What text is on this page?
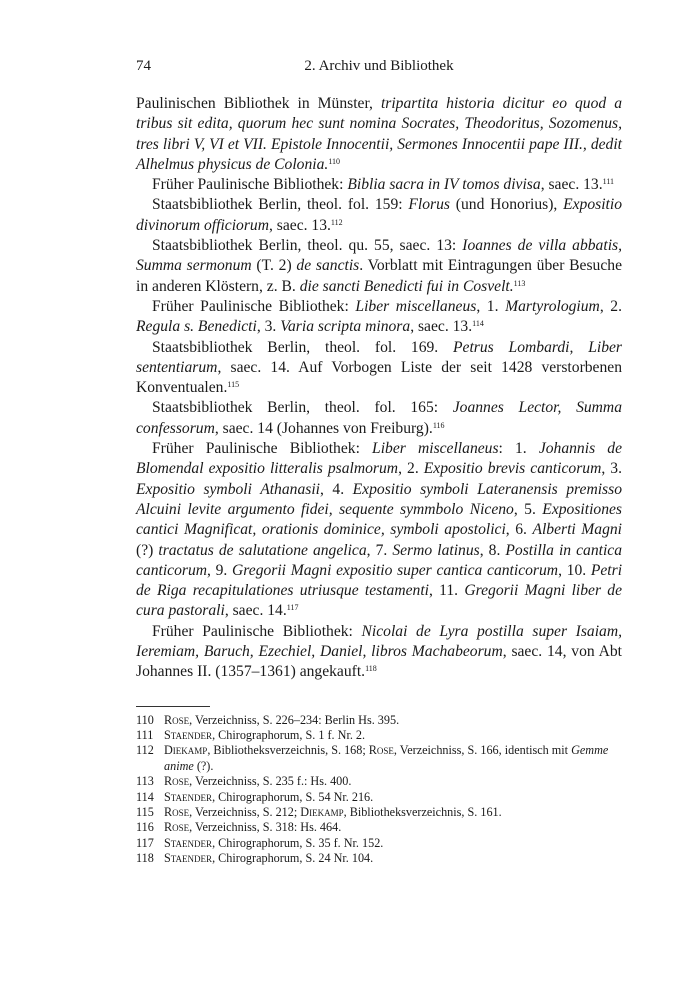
74	2. Archiv und Bibliothek

Paulinischen Bibliothek in Münster, tripartita historia dicitur eo quod a tribus sit edita, quorum hec sunt nomina Socrates, Theodoritus, Sozomenus, tres libri V, VI et VII. Epistole Innocentii, Sermones Innocentii pape III., dedit Alhelmus physicus de Colonia.$^{110}$

Früher Paulinische Bibliothek: Biblia sacra in IV tomos divisa, saec. 13.$^{111}$

Staatsbibliothek Berlin, theol. fol. 159: Florus (und Honorius), Expositio divinorum officiorum, saec. 13.$^{112}$

Staatsbibliothek Berlin, theol. qu. 55, saec. 13: Ioannes de villa abbatis, Summa sermonum (T. 2) de sanctis. Vorblatt mit Eintragungen über Besuche in anderen Klöstern, z. B. die sancti Benedicti fui in Cosvelt.$^{113}$

Früher Paulinische Bibliothek: Liber miscellaneus, 1. Martyrologium, 2. Regula s. Benedicti, 3. Varia scripta minora, saec. 13.$^{114}$

Staatsbibliothek Berlin, theol. fol. 169. Petrus Lombardi, Liber sententiarum, saec. 14. Auf Vorbogen Liste der seit 1428 verstorbenen Konventualen.$^{115}$

Staatsbibliothek Berlin, theol. fol. 165: Joannes Lector, Summa confessorum, saec. 14 (Johannes von Freiburg).$^{116}$

Früher Paulinische Bibliothek: Liber miscellaneus: 1. Johannis de Blomendal expositio litteralis psalmorum, 2. Expositio brevis canticorum, 3. Expositio symboli Athanasii, 4. Expositio symboli Lateranensis premisso Alcuini levite argumento fidei, sequente symmbolo Niceno, 5. Expositiones cantici Magnificat, orationis dominice, symboli apostolici, 6. Alberti Magni (?) tractatus de salutatione angelica, 7. Sermo latinus, 8. Postilla in cantica canticorum, 9. Gregorii Magni expositio super cantica canticorum, 10. Petri de Riga recapitulationes utriusque testamenti, 11. Gregorii Magni liber de cura pastorali, saec. 14.$^{117}$

Früher Paulinische Bibliothek: Nicolai de Lyra postilla super Isaiam, Ieremiam, Baruch, Ezechiel, Daniel, libros Machabeorum, saec. 14, von Abt Johannes II. (1357–1361) angekauft.$^{118}$

110 Rose, Verzeichniss, S. 226–234: Berlin Hs. 395.
111 Staender, Chirographorum, S. 1 f. Nr. 2.
112 Diekamp, Bibliotheksverzeichnis, S. 168; Rose, Verzeichniss, S. 166, identisch mit Gemme anime (?).
113 Rose, Verzeichniss, S. 235 f.: Hs. 400.
114 Staender, Chirographorum, S. 54 Nr. 216.
115 Rose, Verzeichniss, S. 212; Diekamp, Bibliotheksverzeichnis, S. 161.
116 Rose, Verzeichniss, S. 318: Hs. 464.
117 Staender, Chirographorum, S. 35 f. Nr. 152.
118 Staender, Chirographorum, S. 24 Nr. 104.
